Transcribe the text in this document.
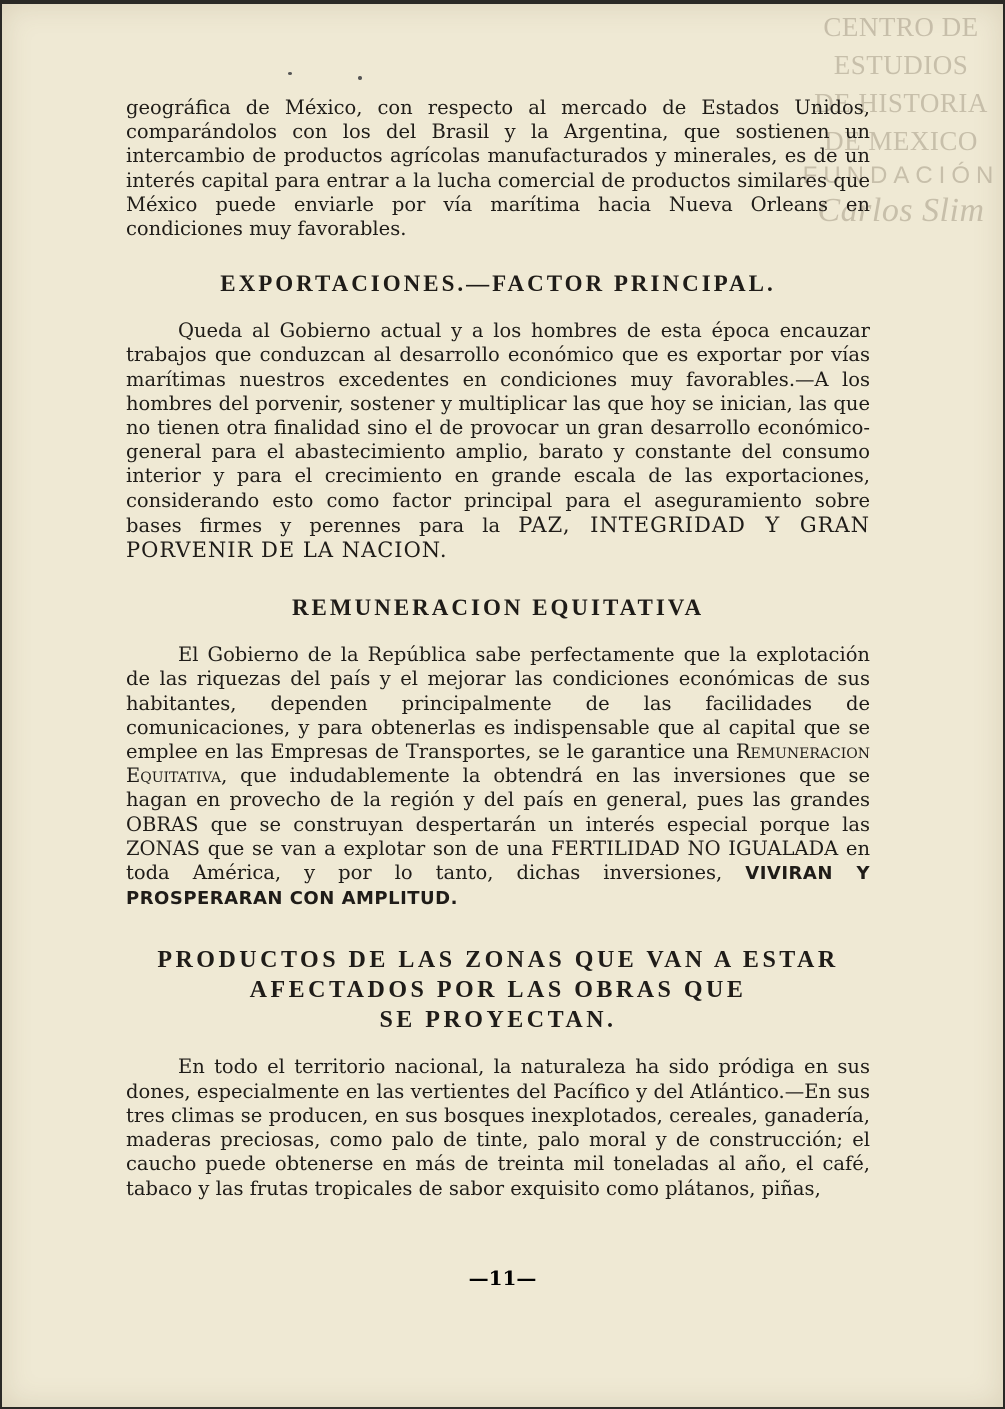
CENTRO DE
ESTUDIOS
DE HISTORIA
DE MEXICO
FUNDACIÓN
Carlos Slim

geográfica de México, con respecto al mercado de Estados Unidos, comparándolos con los del Brasil y la Argentina, que sostienen un intercambio de productos agrícolas manufacturados y minerales, es de un interés capital para entrar a la lucha comercial de productos similares que México puede enviarle por vía marítima hacia Nueva Orleans en condiciones muy favorables.

EXPORTACIONES.—FACTOR PRINCIPAL.

Queda al Gobierno actual y a los hombres de esta época encauzar trabajos que conduzcan al desarrollo económico que es exportar por vías marítimas nuestros excedentes en condiciones muy favorables.—A los hombres del porvenir, sostener y multiplicar las que hoy se inician, las que no tienen otra finalidad sino el de provocar un gran desarrollo económico-general para el abastecimiento amplio, barato y constante del consumo interior y para el crecimiento en grande escala de las exportaciones, considerando esto como factor principal para el aseguramiento sobre bases firmes y perennes para la PAZ, INTEGRIDAD Y GRAN PORVENIR DE LA NACION.

REMUNERACION EQUITATIVA

El Gobierno de la República sabe perfectamente que la explotación de las riquezas del país y el mejorar las condiciones económicas de sus habitantes, dependen principalmente de las facilidades de comunicaciones, y para obtenerlas es indispensable que al capital que se emplee en las Empresas de Transportes, se le garantice una Remuneracion Equitativa, que indudablemente la obtendrá en las inversiones que se hagan en provecho de la región y del país en general, pues las grandes OBRAS que se construyan despertarán un interés especial porque las ZONAS que se van a explotar son de una FERTILIDAD NO IGUALADA en toda América, y por lo tanto, dichas inversiones, VIVIRAN Y PROSPERARAN CON AMPLITUD.

PRODUCTOS DE LAS ZONAS QUE VAN A ESTAR
AFECTADOS POR LAS OBRAS QUE
SE PROYECTAN.

En todo el territorio nacional, la naturaleza ha sido pródiga en sus dones, especialmente en las vertientes del Pacífico y del Atlántico.—En sus tres climas se producen, en sus bosques inexplotados, cereales, ganadería, maderas preciosas, como palo de tinte, palo moral y de construcción; el caucho puede obtenerse en más de treinta mil toneladas al año, el café, tabaco y las frutas tropicales de sabor exquisito como plátanos, piñas,

—11—
